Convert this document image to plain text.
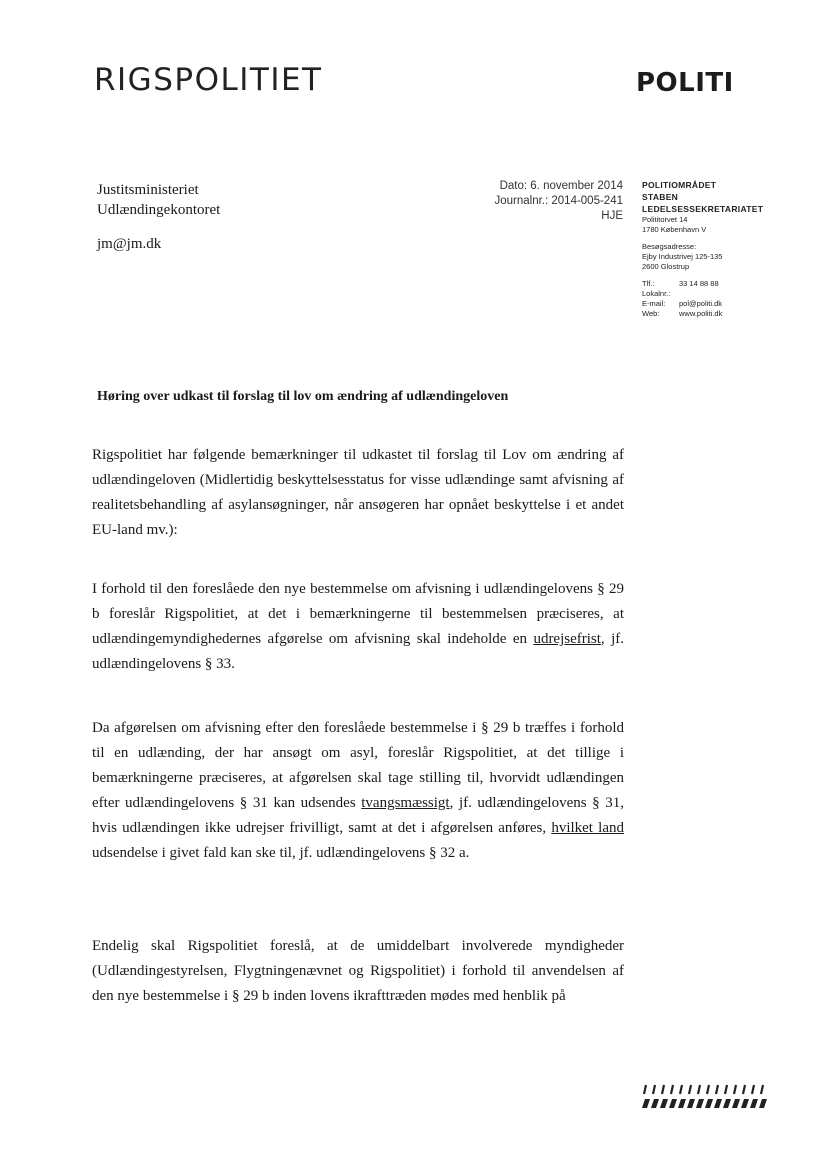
RIGSPOLITIET	POLITI
Justitsministeriet
Udlændingekontoret
jm@jm.dk
Dato: 6. november 2014
Journalnr.: 2014-005-241
HJE
POLITIOMRÅDET
STABEN
LEDELSESSEKRETARIATET
Polititorvet 14
1780 København V
Besøgsadresse:
Ejby Industrivej 125-135
2600 Glostrup
Tlf.:	33 14 88 88
Lokalnr.:
E-mail:	pol@politi.dk
Web:	www.politi.dk
Høring over udkast til forslag til lov om ændring af udlændingeloven
Rigspolitiet har følgende bemærkninger til udkastet til forslag til Lov om ændring af udlændingeloven (Midlertidig beskyttelsesstatus for visse udlændinge samt afvisning af realitetsbehandling af asylansøgninger, når ansøgeren har opnået beskyttelse i et andet EU-land mv.):
I forhold til den foreslåede den nye bestemmelse om afvisning i udlændingelovens § 29 b foreslår Rigspolitiet, at det i bemærkningerne til bestemmelsen præciseres, at udlændingemyndighedernes afgørelse om afvisning skal indeholde en udrejsefrist, jf. udlændingelovens § 33.
Da afgørelsen om afvisning efter den foreslåede bestemmelse i § 29 b træffes i forhold til en udlænding, der har ansøgt om asyl, foreslår Rigspolitiet, at det tillige i bemærkningerne præciseres, at afgørelsen skal tage stilling til, hvorvidt udlændingen efter udlændingelovens § 31 kan udsendes tvangsmæssigt, jf. udlændingelovens § 31, hvis udlændingen ikke udrejser frivilligt, samt at det i afgørelsen anføres, hvilket land udsendelse i givet fald kan ske til, jf. udlændingelovens § 32 a.
Endelig skal Rigspolitiet foreslå, at de umiddelbart involverede myndigheder (Udlændingestyrelsen, Flygtningenævnet og Rigspolitiet) i forhold til anvendelsen af den nye bestemmelse i § 29 b inden lovens ikrafttræden mødes med henblik på
